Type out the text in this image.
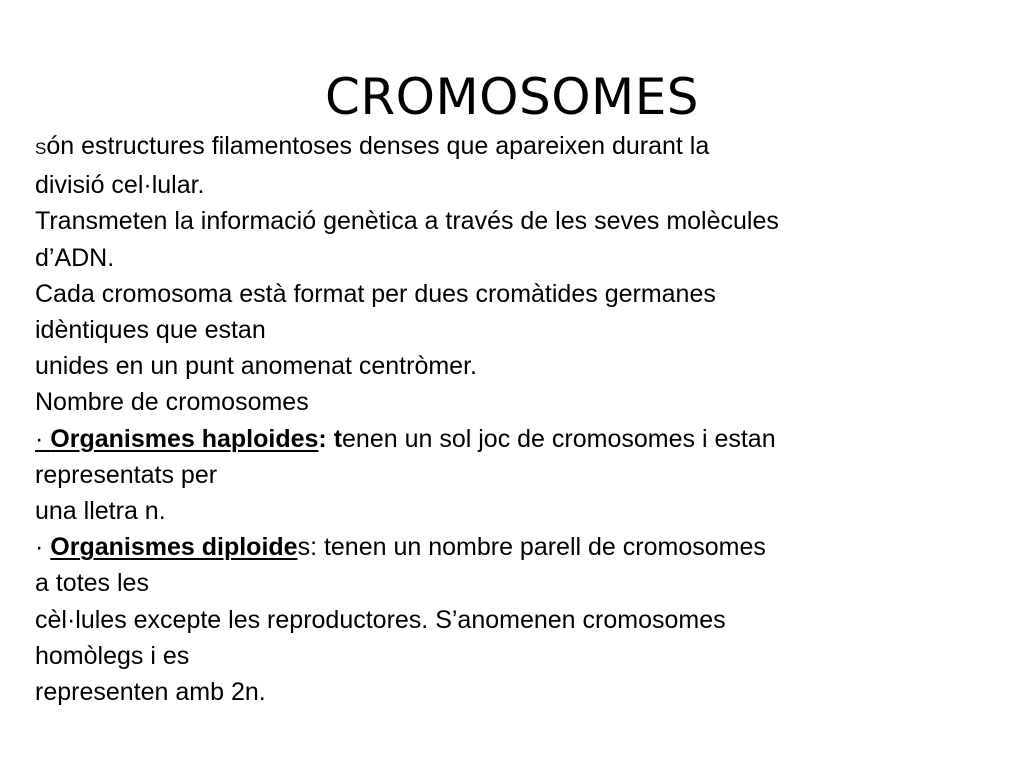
CROMOSOMES
Són estructures filamentoses denses que apareixen durant la
divisió cel·lular.
Transmeten la informació genètica a través de les seves molècules
d’ADN.
Cada cromosoma està format per dues cromàtides germanes
idèntiques que estan
unides en un punt anomenat centròmer.
Nombre de cromosomes
· Organismes haploides: tenen un sol joc de cromosomes i estan
representats per
una lletra n.
· Organismes diploides: tenen un nombre parell de cromosomes
a totes les
cèl·lules excepte les reproductores. S’anomenen cromosomes
homòlegs i es
representen amb 2n.
